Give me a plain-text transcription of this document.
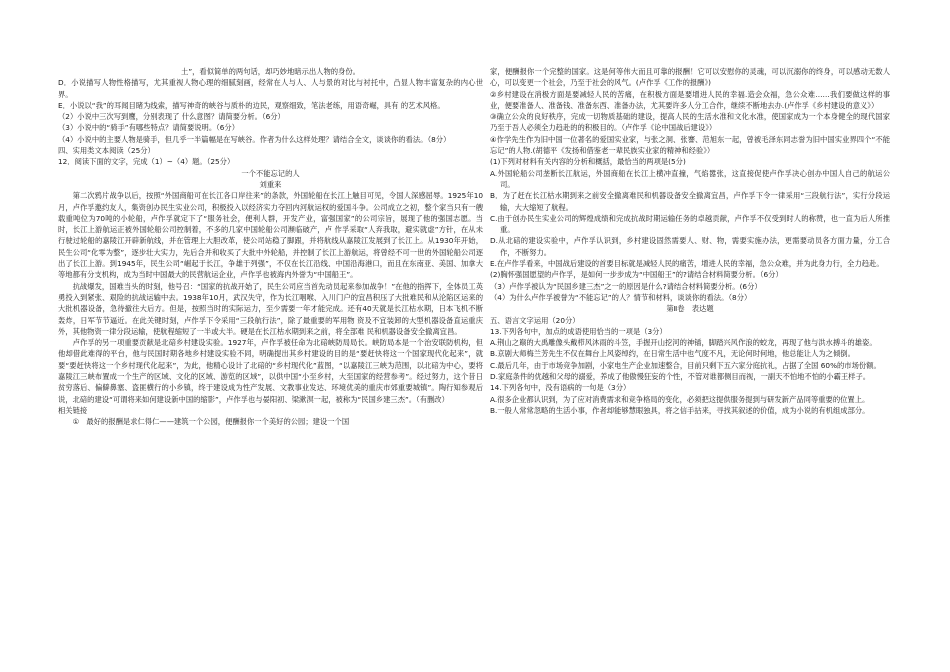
土”，看似简单的两句话，却巧妙地暗示出人物的身份。

D．小说描写人物性格描写，尤其重视人物心理的细腻刻画，经常在人与人、人与景的对比与衬托中，凸显人物丰富复杂的内心世界。

E．小说以“我”的耳闻目睹为线索，描写神奇的峡谷与质朴的边民，观察细致，笔法老练，用语奇崛，具有 的艺术风格。

（2）小说中三次写到鹰，分别表现了 什么意图？请简要分析。（6分）

（3）小说中的“骑手”有哪些特点？请简要说明。（6分）

（4）小说中的主要人物是骑手，但几乎一半篇幅是在写峡谷。作者为什么这样处理？请结合全文，谈谈你的看法。（8分）

四、实用类文本阅读（25分）

12．阅读下面的文字，完成（1）~（4）题。（25分）

一个不能忘记的人

刘重来

第二次鸦片战争以后，按照“外国商船可在长江各口岸往来”的条款，外国轮船在长江上触目可见，令国人深感屈辱。1925年10月，卢作孚邀约友人，集资创办民生实业公司，积极投入以经济实力夺回内河航运权的爱国斗争。公司成立之初，整个家当只有一艘载重吨位为70吨的小轮船，卢作孚就定下了“服务社会，便利人群，开发产业，富强国家”的公司宗旨，展现了他的强国志愿。当时，长江上游航运正被外国轮船公司控制着，不多的几家中国轮船公司濒临破产，卢 作孚采取“人弃我取，避实就虚”方针，在从未行驶过轮船的嘉陵江开辟新航线，并在管理上大胆改革，使公司站稳了脚跟，并将航线从嘉陵江发展到了长江上。从1930年开始，民生公司“化零为整”，逐步壮大实力，先后合并和收买了大批中外轮船，并控制了长江上游航运，将曾经不可一世的外国轮船公司逐出了长江上游。到1945年，民生公司“崛起于长江，争雄于列强”，不仅在长江沿线、中国沿海港口，而且在东南亚、美国、加拿大等地都有分支机构，成为当时中国最大的民营航运企业，卢作孚也被海内外誉为“中国船王”。

抗战爆发，国难当头的时刻，他号召：“国家的抗战开始了，民生公司应当首先动员起来参加战争！”在他的指挥下，全体员工英勇投入到紧张、艰险的抗战运输中去。1938年10月，武汉失守，作为长江咽喉、入川门户的宜昌积压了大批难民和从沦陷区运来的大批机器设备，急待撤往大后方。但是，按照当时的实际运力，至少需要一年才能完成。还有40天就是长江枯水期，日本飞机不断轰炸，日军节节逼近。在此关键时刻，卢作孚下令采用“三段航行法”，除了最重要的军用物 资及不宜装卸的大型机器设备直运重庆外，其他物资一律分段运输，使航程缩短了一半或大半。硬是在长江枯水期到来之前，将全部难 民和机器设备安全撤离宜昌。

卢作孚的另一项重要贡献是北碚乡村建设实验。1927年，卢作孚被任命为北碚峡防局局长。峡防局本是一个治安联防机构，但他却借此难得的平台，他与民国时期各地乡村建设实验不同，明确提出其乡村建设的目的是“要赶快将这一个国家现代化起来”，就要“要赶快将这一个乡村现代化起来”，为此，他精心设计了北碚的“乡村现代化”蓝图，“以嘉陵江三峡为范围，以北碚为中心，要将嘉陵江三峡布置成一个生产的区域、文化的区域、游览的区域”，以供中国“小至乡村，大至国家的经营参考”。经过努力，这个昔日贫穷落后、偏僻鼻塞、盗匪横行的小乡镇，终于建设成为性产发展、文教事业发达、环境优美的重庆市郊重要城镇”。陶行知参观后说，北碚的建设“可谓将来如何建设新中国的缩影”，卢作孚也与晏阳初、梁漱溟一起，被称为“民国乡建三杰”。（有删改）

相关链接

①　最好的报酬是求仁得仁——建筑一个公园，便酬报你一个美好的公园；建设一个国

家，便酬报你一个完整的国家。这是何等伟大而且可靠的报酬！它可以安慰你的灵魂，可以沉溺你的终身，可以感动无数人心，可以变更一个社会，乃至于社会的风气。(卢作孚《工作的报酬》)

②乡村建设在消极方面是要减轻人民的苦痛，在积极方面是要增进人民的幸福.造会众福，急公众难……我们要做这样的事业，便要准备人、准备钱、准备东西、准备办法，尤其要许多人分工合作，继续不断地去办.(卢作孚《乡村建设的意义》）

③确立公众的良好秩序，完成一切物质基础的建设，提高人民的生活水准和文化水准，使国家成为一个本身健全的现代国家乃至于吾人必须全力趋赴的的积极目的。（卢作孚《论中国战后建设》）

④作学先生作为旧中国一位著名的爱国实业家，与张之洞、张謇、范旭东一起，曾被毛泽东同志誉为旧中国实业界四个“不能忘记”的人物.(胡德平《发扬和借鉴老一辈民族实业家的精神和经验》）

(1)下列对材料有关内容的分析和概括，最恰当的两项是(5分)

A.外国轮船公司垄断长江航运，外国商船在长江上横冲直撞，气焰嚣张，这直接促使卢作孚决心创办中国人自己的航运公司。

B．为了赶在长江枯水期到来之前安全撤离难民和机器设备安全撤离宜昌，卢作孚下令一律采用“三段航行法”，实行分段运输，大大缩短了航程。

C.由于创办民生实业公司的辉煌成绩和完成抗战时期运输任务的卓越贡献，卢作孚不仅受到时人的称赞，也一直为后人所推重。

D.从北碚的建设实验中，卢作孚认识到，乡村建设固然需要人、财、物，需要实施办法，更需要动员各方面力量，分工合作，不断努力。

E.在卢作孚看来，中国战后建设的首要目标就是减轻人民的痛苦，增进人民的幸福，急公众难，并为此身力行，全力趋赴。

(2)胸怀强国愿望的卢作孚，是如何一步步成为“中国船王”的?请结合材料简要分析。（6分）

（3）卢作孚被认为“民国乡建三杰”之一的原因是什么?请结合材料简要分析。(6分）

（4）为什么卢作孚被誉为“不能忘记”的人？情节和材料，谈谈你的看法。（8分）

第Ⅱ卷　表达题

五、语言文字运用（20分）

13.下列各句中，加点的成语使用恰当的一项是（3分）

A.荆山之巅的大禹雕像头戴栉风沐雨的斗笠，手握开山挖河的神锸，脚踏兴风作浪的蛟龙，再现了他与洪水搏斗的雄姿。

B.京剧大师梅兰芳先生不仅在舞台上风姿绰约，在日常生活中也气度不凡，无论何时何地，他总能让人为之倾倒。

C.最后几年，由于市场竞争加剧，小家电生产企业加速整合，目前只剩下五六家分庭抗礼，占据了全国 60%的市场份额。

D.家庭条件的优越和父母的溺爱，养成了他傲慢狂妄的个性，不管对谁都侧目而视，一副天不怕地不怕的小霸王样子。

14.下列各句中，没有语病的一句是（3分）

A.很多企业都认识到，为了应对消费需求和竞争格局的变化，必须把这提供服务提到与研发新产品同等重要的位置上。

B.一般人常常忽略的生活小事，作者却能够慧眼独具，将之信手拈来，寻找其叙述的价值，成为小说的有机组成部分。
